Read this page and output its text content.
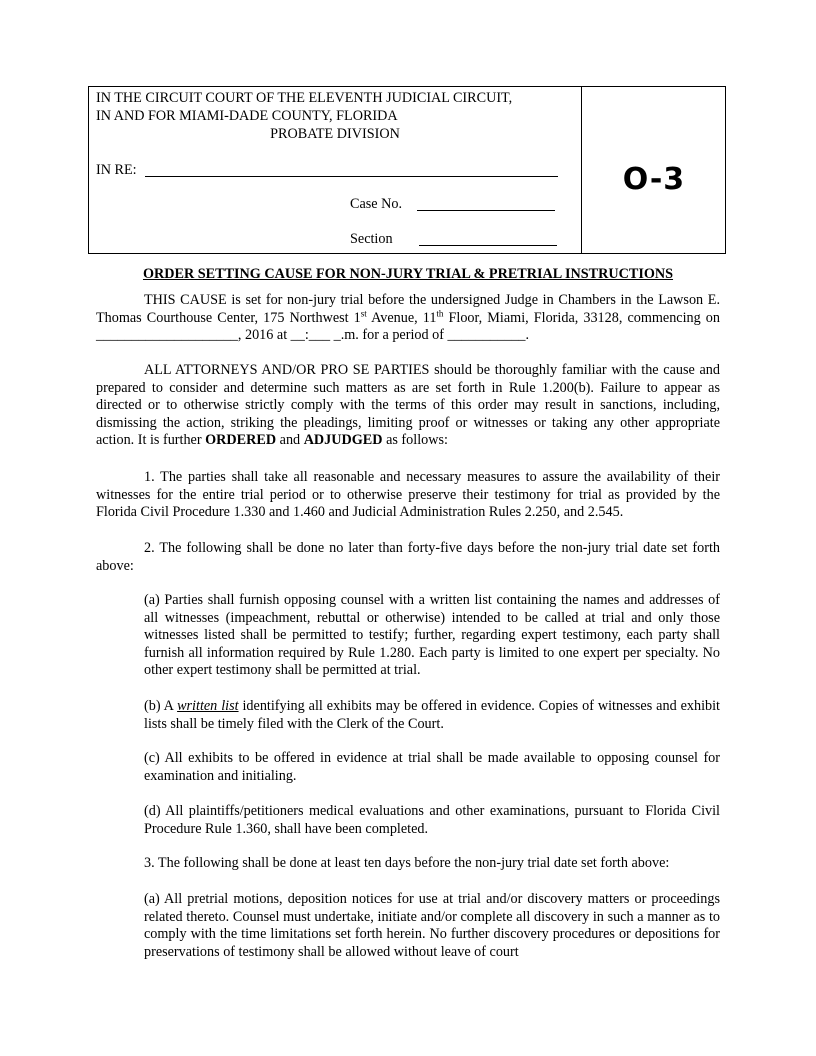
IN THE CIRCUIT COURT OF THE ELEVENTH JUDICIAL CIRCUIT,
IN AND FOR MIAMI-DADE COUNTY, FLORIDA
PROBATE DIVISION
IN RE:
Case No.
Section
O-3
ORDER SETTING CAUSE FOR NON-JURY TRIAL & PRETRIAL INSTRUCTIONS
THIS CAUSE is set for non-jury trial before the undersigned Judge in Chambers in the Lawson E. Thomas Courthouse Center, 175 Northwest 1st Avenue, 11th Floor, Miami, Florida, 33128, commencing on ____________________, 2016 at __:___ _.m. for a period of ___________.
ALL ATTORNEYS AND/OR PRO SE PARTIES should be thoroughly familiar with the cause and prepared to consider and determine such matters as are set forth in Rule 1.200(b). Failure to appear as directed or to otherwise strictly comply with the terms of this order may result in sanctions, including, dismissing the action, striking the pleadings, limiting proof or witnesses or taking any other appropriate action. It is further ORDERED and ADJUDGED as follows:
1. The parties shall take all reasonable and necessary measures to assure the availability of their witnesses for the entire trial period or to otherwise preserve their testimony for trial as provided by the Florida Civil Procedure 1.330 and 1.460 and Judicial Administration Rules 2.250, and 2.545.
2. The following shall be done no later than forty-five days before the non-jury trial date set forth above:
(a) Parties shall furnish opposing counsel with a written list containing the names and addresses of all witnesses (impeachment, rebuttal or otherwise) intended to be called at trial and only those witnesses listed shall be permitted to testify; further, regarding expert testimony, each party shall furnish all information required by Rule 1.280. Each party is limited to one expert per specialty. No other expert testimony shall be permitted at trial.
(b) A written list identifying all exhibits may be offered in evidence. Copies of witnesses and exhibit lists shall be timely filed with the Clerk of the Court.
(c) All exhibits to be offered in evidence at trial shall be made available to opposing counsel for examination and initialing.
(d) All plaintiffs/petitioners medical evaluations and other examinations, pursuant to Florida Civil Procedure Rule 1.360, shall have been completed.
3. The following shall be done at least ten days before the non-jury trial date set forth above:
(a) All pretrial motions, deposition notices for use at trial and/or discovery matters or proceedings related thereto. Counsel must undertake, initiate and/or complete all discovery in such a manner as to comply with the time limitations set forth herein. No further discovery procedures or depositions for preservations of testimony shall be allowed without leave of court
